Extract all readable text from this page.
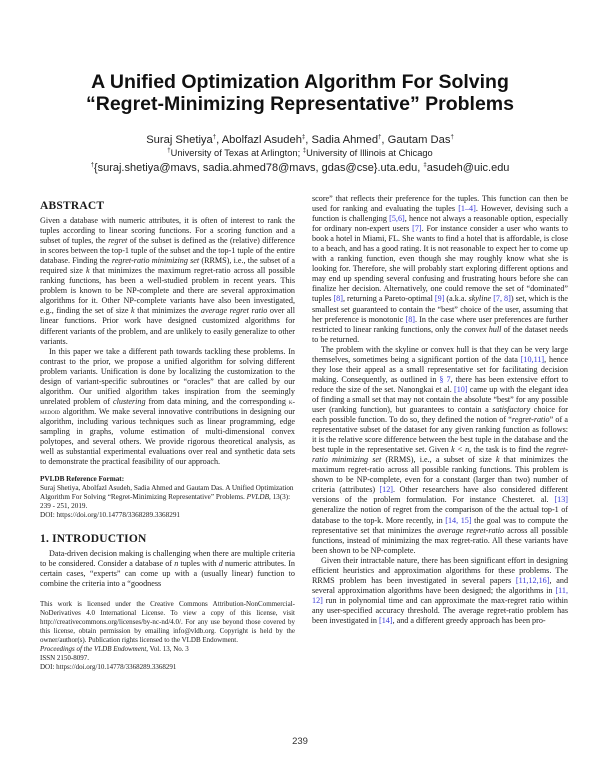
A Unified Optimization Algorithm For Solving
“Regret-Minimizing Representative” Problems
Suraj Shetiya†, Abolfazl Asudeh‡, Sadia Ahmed†, Gautam Das†
†University of Texas at Arlington; ‡University of Illinois at Chicago
†{suraj.shetiya@mavs, sadia.ahmed78@mavs, gdas@cse}.uta.edu, ‡asudeh@uic.edu
ABSTRACT

Given a database with numeric attributes, it is often of interest to rank the tuples according to linear scoring functions. For a scoring function and a subset of tuples, the regret of the subset is defined as the (relative) difference in scores between the top-1 tuple of the subset and the top-1 tuple of the entire database. Finding the regret-ratio minimizing set (RRMS), i.e., the subset of a required size k that minimizes the maximum regret-ratio across all possible ranking functions, has been a well-studied problem in recent years. This problem is known to be NP-complete and there are several approximation algorithms for it. Other NP-complete variants have also been investigated, e.g., finding the set of size k that minimizes the average regret ratio over all linear functions. Prior work have designed customized algorithms for different variants of the problem, and are unlikely to easily generalize to other variants.

In this paper we take a different path towards tackling these problems. In contrast to the prior, we propose a unified algorithm for solving different problem variants. Unification is done by localizing the customization to the design of variant-specific subroutines or “oracles” that are called by our algorithm. Our unified algorithm takes inspiration from the seemingly unrelated problem of clustering from data mining, and the corresponding k-medoid algorithm. We make several innovative contributions in designing our algorithm, including various techniques such as linear programming, edge sampling in graphs, volume estimation of multi-dimensional convex polytopes, and several others. We provide rigorous theoretical analysis, as well as substantial experimental evaluations over real and synthetic data sets to demonstrate the practical feasibility of our approach.

PVLDB Reference Format:
Suraj Shetiya, Abolfazl Asudeh, Sadia Ahmed and Gautam Das. A Unified Optimization Algorithm For Solving “Regret-Minimizing Representative” Problems. PVLDB, 13(3): 239 - 251, 2019.
DOI: https://doi.org/10.14778/3368289.3368291
1. INTRODUCTION

Data-driven decision making is challenging when there are multiple criteria to be considered. Consider a database of n tuples with d numeric attributes. In certain cases, “experts” can come up with a (usually linear) function to combine the criteria into a “goodness

This work is licensed under the Creative Commons Attribution-NonCommercial-NoDerivatives 4.0 International License. To view a copy of this license, visit http://creativecommons.org/licenses/by-nc-nd/4.0/. For any use beyond those covered by this license, obtain permission by emailing info@vldb.org. Copyright is held by the owner/author(s). Publication rights licensed to the VLDB Endowment.

Proceedings of the VLDB Endowment, Vol. 13, No. 3

ISSN 2150-8097.

DOI: https://doi.org/10.14778/3368289.3368291

score” that reflects their preference for the tuples. This function can then be used for ranking and evaluating the tuples [1–4]. However, devising such a function is challenging [5,6], hence not always a reasonable option, especially for ordinary non-expert users [7]. For instance consider a user who wants to book a hotel in Miami, FL. She wants to find a hotel that is affordable, is close to a beach, and has a good rating. It is not reasonable to expect her to come up with a ranking function, even though she may roughly know what she is looking for. Therefore, she will probably start exploring different options and may end up spending several confusing and frustrating hours before she can finalize her decision. Alternatively, one could remove the set of “dominated” tuples [8], returning a Pareto-optimal [9] (a.k.a. skyline [7, 8]) set, which is the smallest set guaranteed to contain the “best” choice of the user, assuming that her preference is monotonic [8]. In the case where user preferences are further restricted to linear ranking functions, only the convex hull of the dataset needs to be returned.

The problem with the skyline or convex hull is that they can be very large themselves, sometimes being a significant portion of the data [10,11], hence they lose their appeal as a small representative set for facilitating decision making. Consequently, as outlined in § 7, there has been extensive effort to reduce the size of the set. Nanongkai et al. [10] came up with the elegant idea of finding a small set that may not contain the absolute “best” for any possible user (ranking function), but guarantees to contain a satisfactory choice for each possible function. To do so, they defined the notion of “regret-ratio” of a representative subset of the dataset for any given ranking function as follows: it is the relative score difference between the best tuple in the database and the best tuple in the representative set. Given k < n, the task is to find the regret-ratio minimizing set (RRMS), i.e., a subset of size k that minimizes the maximum regret-ratio across all possible ranking functions. This problem is shown to be NP-complete, even for a constant (larger than two) number of criteria (attributes) [12]. Other researchers have also considered different versions of the problem formulation. For instance Chesteret. al. [13] generalize the notion of regret from the comparison of the the actual top-1 of database to the top-k. More recently, in [14, 15] the goal was to compute the representative set that minimizes the average regret-ratio across all possible functions, instead of minimizing the max regret-ratio. All these variants have been shown to be NP-complete.

Given their intractable nature, there has been significant effort in designing efficient heuristics and approximation algorithms for these problems. The RRMS problem has been investigated in several papers [11,12,16], and several approximation algorithms have been designed; the algorithms in [11, 12] run in polynomial time and can approximate the max-regret ratio within any user-specified accuracy threshold. The average regret-ratio problem has been investigated in [14], and a different greedy approach has been pro-

239
